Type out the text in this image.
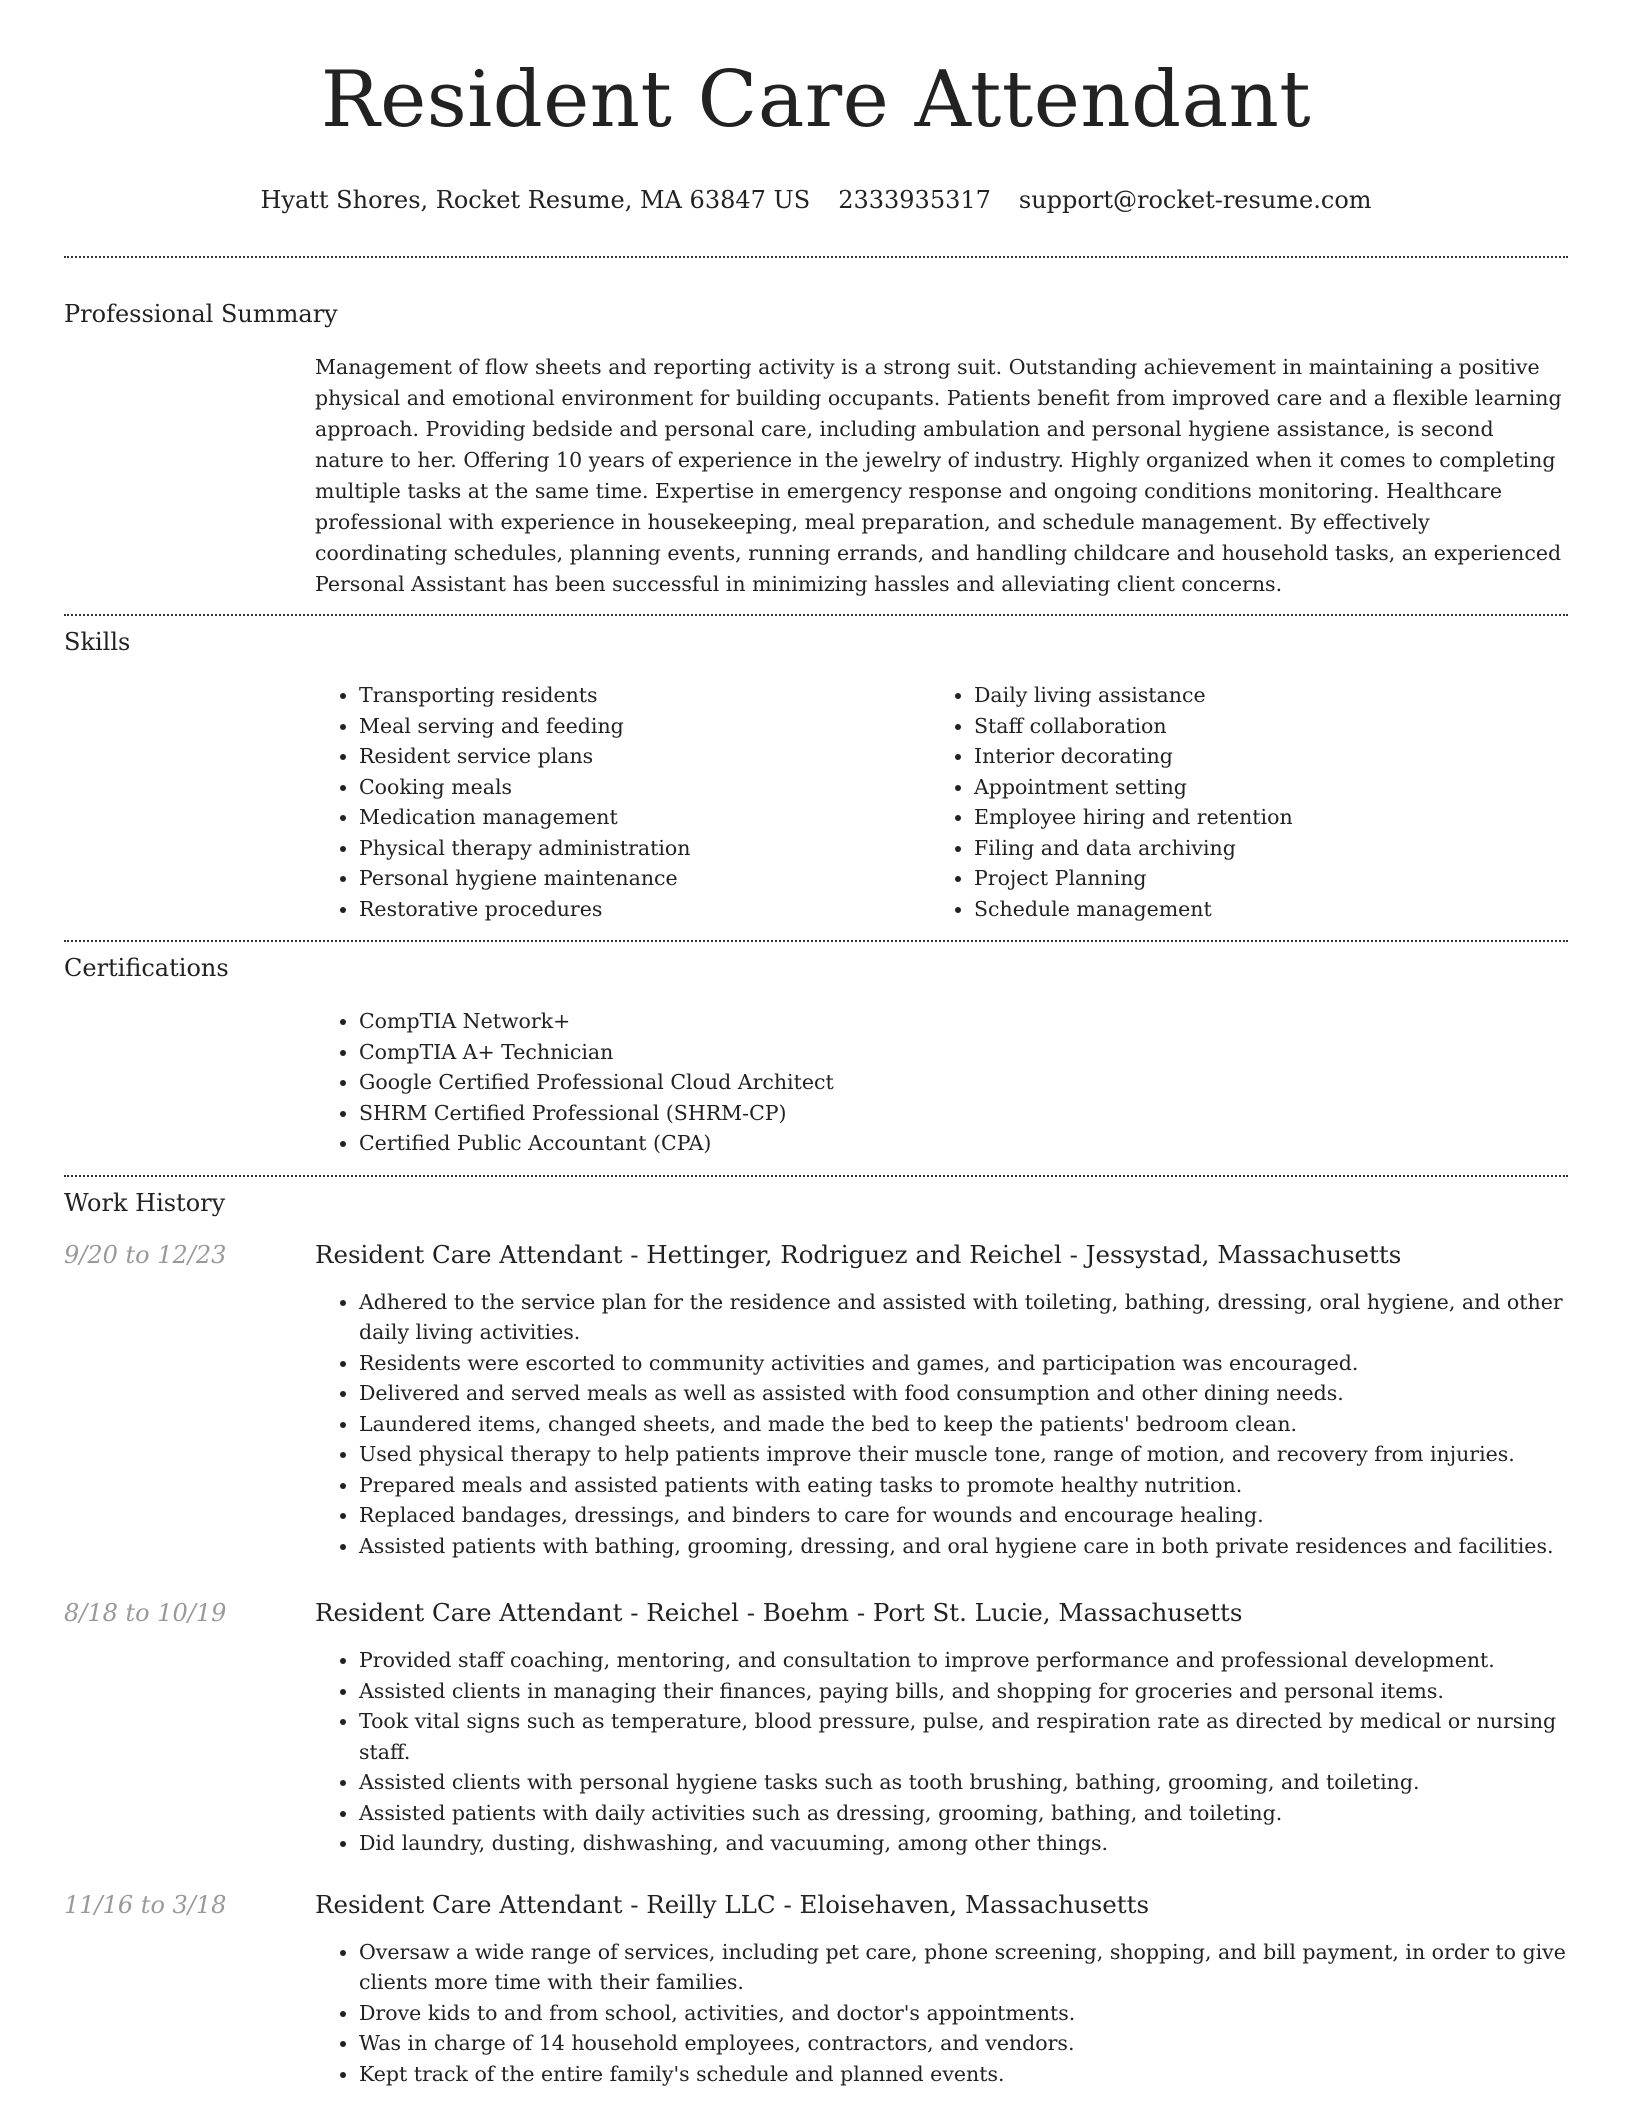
Resident Care Attendant
Hyatt Shores, Rocket Resume, MA 63847 US 2333935317 support@rocket-resume.com
Professional Summary

Management of flow sheets and reporting activity is a strong suit. Outstanding achievement in maintaining a positive physical and emotional environment for building occupants. Patients benefit from improved care and a flexible learning approach. Providing bedside and personal care, including ambulation and personal hygiene assistance, is second nature to her. Offering 10 years of experience in the jewelry of industry. Highly organized when it comes to completing multiple tasks at the same time. Expertise in emergency response and ongoing conditions monitoring. Healthcare professional with experience in housekeeping, meal preparation, and schedule management. By effectively coordinating schedules, planning events, running errands, and handling childcare and household tasks, an experienced Personal Assistant has been successful in minimizing hassles and alleviating client concerns.

Skills
• Transporting residents
• Meal serving and feeding
• Resident service plans
• Cooking meals
• Medication management
• Physical therapy administration
• Personal hygiene maintenance
• Restorative procedures
• Daily living assistance
• Staff collaboration
• Interior decorating
• Appointment setting
• Employee hiring and retention
• Filing and data archiving
• Project Planning
• Schedule management
Certifications
• CompTIA Network+
• CompTIA A+ Technician
• Google Certified Professional Cloud Architect
• SHRM Certified Professional (SHRM-CP)
• Certified Public Accountant (CPA)
Work History
9/20 to 12/23	Resident Care Attendant - Hettinger, Rodriguez and Reichel - Jessystad, Massachusetts
• Adhered to the service plan for the residence and assisted with toileting, bathing, dressing, oral hygiene, and other daily living activities.
• Residents were escorted to community activities and games, and participation was encouraged.
• Delivered and served meals as well as assisted with food consumption and other dining needs.
• Laundered items, changed sheets, and made the bed to keep the patients' bedroom clean.
• Used physical therapy to help patients improve their muscle tone, range of motion, and recovery from injuries.
• Prepared meals and assisted patients with eating tasks to promote healthy nutrition.
• Replaced bandages, dressings, and binders to care for wounds and encourage healing.
• Assisted patients with bathing, grooming, dressing, and oral hygiene care in both private residences and facilities.
8/18 to 10/19	Resident Care Attendant - Reichel - Boehm - Port St. Lucie, Massachusetts
• Provided staff coaching, mentoring, and consultation to improve performance and professional development.
• Assisted clients in managing their finances, paying bills, and shopping for groceries and personal items.
• Took vital signs such as temperature, blood pressure, pulse, and respiration rate as directed by medical or nursing staff.
• Assisted clients with personal hygiene tasks such as tooth brushing, bathing, grooming, and toileting.
• Assisted patients with daily activities such as dressing, grooming, bathing, and toileting.
• Did laundry, dusting, dishwashing, and vacuuming, among other things.
11/16 to 3/18	Resident Care Attendant - Reilly LLC - Eloisehaven, Massachusetts
• Oversaw a wide range of services, including pet care, phone screening, shopping, and bill payment, in order to give clients more time with their families.
• Drove kids to and from school, activities, and doctor's appointments.
• Was in charge of 14 household employees, contractors, and vendors.
• Kept track of the entire family's schedule and planned events.
